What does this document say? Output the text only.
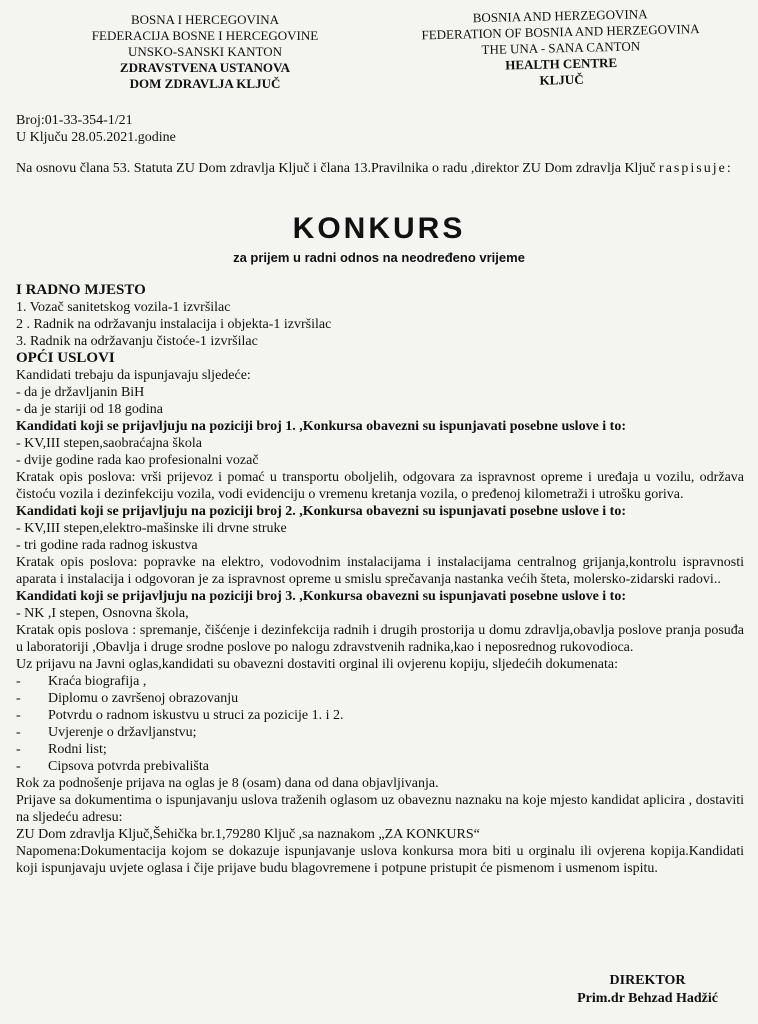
BOSNA I HERCEGOVINA
FEDERACIJA BOSNE I HERCEGOVINE
UNSKO-SANSKI KANTON
ZDRAVSTVENA USTANOVA
DOM ZDRAVLJA KLJUČ
BOSNIA AND HERZEGOVINA
FEDERATION OF BOSNIA AND HERZEGOVINA
THE UNA - SANA CANTON
HEALTH CENTRE
KLJUČ
Broj:01-33-354-1/21
U Ključu 28.05.2021.godine
Na osnovu člana 53. Statuta ZU Dom zdravlja Ključ i člana 13.Pravilnika o radu ,direktor ZU Dom zdravlja Ključ raspisuje:
KONKURS
za prijem u radni odnos na neodređeno vrijeme

I RADNO MJESTO

1. Vozač sanitetskog vozila-1 izvršilac

2 . Radnik na održavanju instalacija i objekta-1 izvršilac

3. Radnik na održavanju čistoće-1 izvršilac

OPĆI USLOVI

Kandidati trebaju da ispunjavaju sljedeće:

- da je državljanin BiH

- da je stariji od 18 godina

Kandidati koji se prijavljuju na poziciji broj 1. ,Konkursa obavezni su ispunjavati posebne uslove i to:

- KV,III stepen,saobraćajna škola

- dvije godine rada kao profesionalni vozač

Kratak opis poslova: vrši prijevoz i pomać u transportu oboljelih, odgovara za ispravnost opreme i uređaja u vozilu, održava čistoću vozila i dezinfekciju vozila, vodi evidenciju o vremenu kretanja vozila, o pređenoj kilometraži i utrošku goriva.

Kandidati koji se prijavljuju na poziciji broj 2. ,Konkursa obavezni su ispunjavati posebne uslove i to:

- KV,III stepen,elektro-mašinske ili drvne struke

- tri godine rada radnog iskustva

Kratak opis poslova: popravke na elektro, vodovodnim instalacijama i instalacijama centralnog grijanja,kontrolu ispravnosti aparata i instalacija i odgovoran je za ispravnost opreme u smislu sprečavanja nastanka većih šteta, molersko-zidarski radovi..

Kandidati koji se prijavljuju na poziciji broj 3. ,Konkursa obavezni su ispunjavati posebne uslove i to:

- NK ,I stepen, Osnovna škola,

Kratak opis poslova : spremanje, čišćenje i dezinfekcija radnih i drugih prostorija u domu zdravlja,obavlja poslove pranja posuđa u laboratoriji ,Obavlja i druge srodne poslove po nalogu zdravstvenih radnika,kao i neposrednog rukovodioca.

Uz prijavu na Javni oglas,kandidati su obavezni dostaviti orginal ili ovjerenu kopiju, sljedećih dokumenata:

-	Kraća biografija ,
-	Diplomu o završenoj obrazovanju
-	Potvrdu o radnom iskustvu u struci za pozicije 1. i 2.
-	Uvjerenje o državljanstvu;
-	Rodni list;
-	Cipsova potvrda prebivališta

Rok za podnošenje prijava na oglas je 8 (osam) dana od dana objavljivanja.

Prijave sa dokumentima o ispunjavanju uslova traženih oglasom uz obaveznu naznaku na koje mjesto kandidat aplicira , dostaviti na sljedeću adresu:

ZU Dom zdravlja Ključ,Šehička br.1,79280 Ključ ,sa naznakom „ZA KONKURS“

Napomena:Dokumentacija kojom se dokazuje ispunjavanje uslova konkursa mora biti u orginalu ili ovjerena kopija.Kandidati koji ispunjavaju uvjete oglasa i čije prijave budu blagovremene i potpune pristupit će pismenom i usmenom ispitu.

DIREKTOR
Prim.dr Behzad Hadžić
